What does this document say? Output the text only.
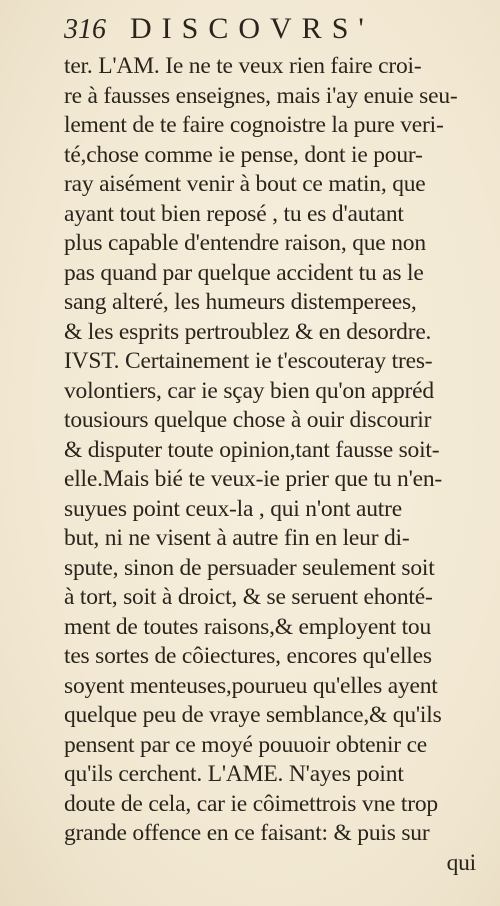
316 DISCOVRS'
ter. L'AM. Ie ne te veux rien faire croi-
re à fausses enseignes, mais i'ay enuie seu-
lement de te faire cognoistre la pure veri-
té,chose comme ie pense, dont ie pour-
ray aisément venir à bout ce matin, que
ayant tout bien reposé , tu es d'autant
plus capable d'entendre raison, que non
pas quand par quelque accident tu as le
sang alteré, les humeurs distemperees,
& les esprits pertroublez & en desordre.
IVST. Certainement ie t'escouteray tres-
volontiers, car ie sçay bien qu'on appréd
tousiours quelque chose à ouir discourir
& disputer toute opinion,tant fausse soit-
elle.Mais bié te veux-ie prier que tu n'en-
suyues point ceux-la , qui n'ont autre
but, ni ne visent à autre fin en leur di-
spute, sinon de persuader seulement soit
à tort, soit à droict, & se seruent ehonté-
ment de toutes raisons,& employent tou
tes sortes de côiectures, encores qu'elles
soyent menteuses,pourueu qu'elles ayent
quelque peu de vraye semblance,& qu'ils
pensent par ce moyé pouuoir obtenir ce
qu'ils cerchent. L'AME. N'ayes point
doute de cela, car ie côimettrois vne trop
grande offence en ce faisant: & puis sur
qui
